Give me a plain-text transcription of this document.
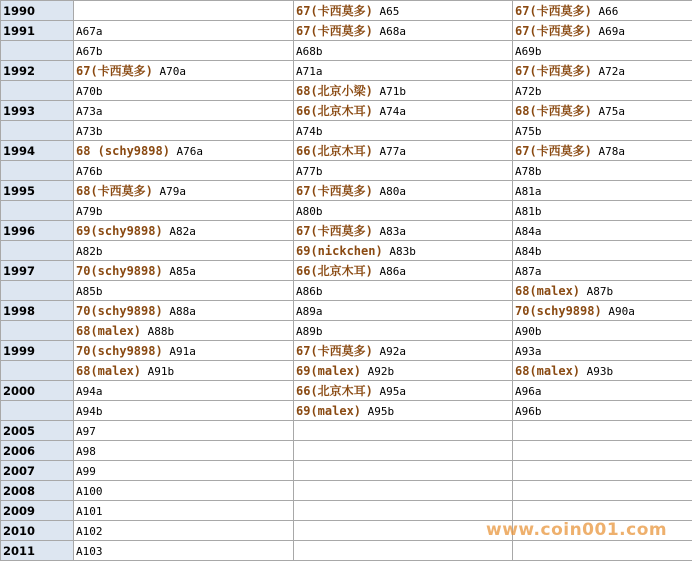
1990		67(卡西莫多) A65	67(卡西莫多) A66
1991	A67a	67(卡西莫多) A68a	67(卡西莫多) A69a
	A67b	A68b	A69b
1992	67(卡西莫多) A70a	A71a	67(卡西莫多) A72a
	A70b	68(北京小梁) A71b	A72b
1993	A73a	66(北京木耳) A74a	68(卡西莫多) A75a
	A73b	A74b	A75b
1994	68 (schy9898) A76a	66(北京木耳) A77a	67(卡西莫多) A78a
	A76b	A77b	A78b
1995	68(卡西莫多) A79a	67(卡西莫多) A80a	A81a
	A79b	A80b	A81b
1996	69(schy9898) A82a	67(卡西莫多) A83a	A84a
	A82b	69(nickchen) A83b	A84b
1997	70(schy9898) A85a	66(北京木耳) A86a	A87a
	A85b	A86b	68(malex) A87b
1998	70(schy9898) A88a	A89a	70(schy9898) A90a
	68(malex) A88b	A89b	A90b
1999	70(schy9898) A91a	67(卡西莫多) A92a	A93a
	68(malex) A91b	69(malex) A92b	68(malex) A93b
2000	A94a	66(北京木耳) A95a	A96a
	A94b	69(malex) A95b	A96b
2005	A97		
2006	A98		
2007	A99		
2008	A100		
2009	A101		
2010	A102		
2011	A103		
www.coin001.com
